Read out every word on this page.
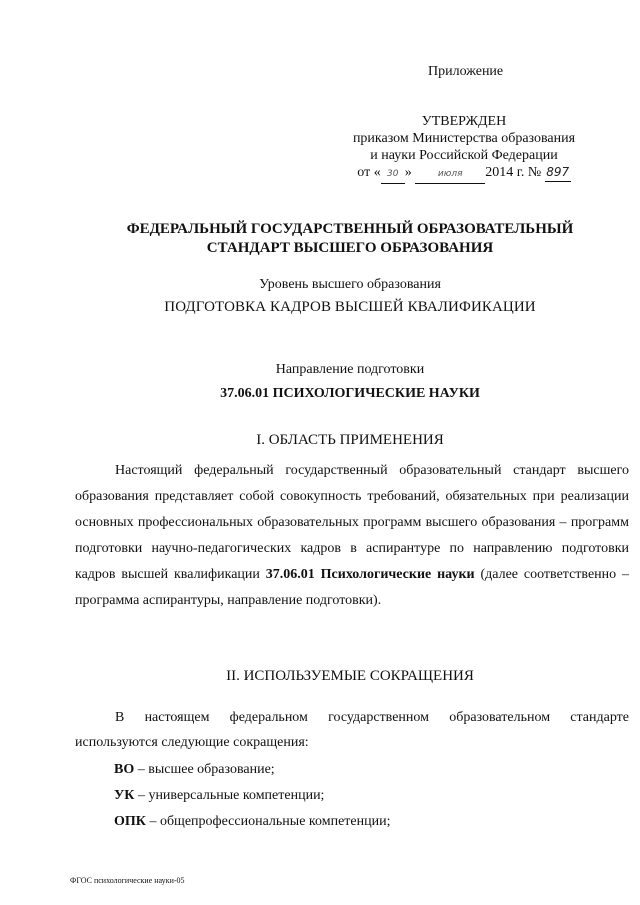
Приложение
УТВЕРЖДЕН
приказом Министерства образования
и науки Российской Федерации
от « 30 »	июля 2014 г. № 897
ФЕДЕРАЛЬНЫЙ ГОСУДАРСТВЕННЫЙ ОБРАЗОВАТЕЛЬНЫЙ
СТАНДАРТ ВЫСШЕГО ОБРАЗОВАНИЯ
Уровень высшего образования
ПОДГОТОВКА КАДРОВ ВЫСШЕЙ КВАЛИФИКАЦИИ
Направление подготовки
37.06.01 ПСИХОЛОГИЧЕСКИЕ НАУКИ
I. ОБЛАСТЬ ПРИМЕНЕНИЯ

Настоящий федеральный государственный образовательный стандарт высшего образования представляет собой совокупность требований, обязательных при реализации основных профессиональных образовательных программ высшего образования – программ подготовки научно-педагогических кадров в аспирантуре по направлению подготовки кадров высшей квалификации 37.06.01 Психологические науки (далее соответственно – программа аспирантуры, направление подготовки).

II. ИСПОЛЬЗУЕМЫЕ СОКРАЩЕНИЯ

В настоящем федеральном государственном образовательном стандарте используются следующие сокращения:

ВО – высшее образование;
УК – универсальные компетенции;
ОПК – общепрофессиональные компетенции;
ФГОС психологические науки-05
